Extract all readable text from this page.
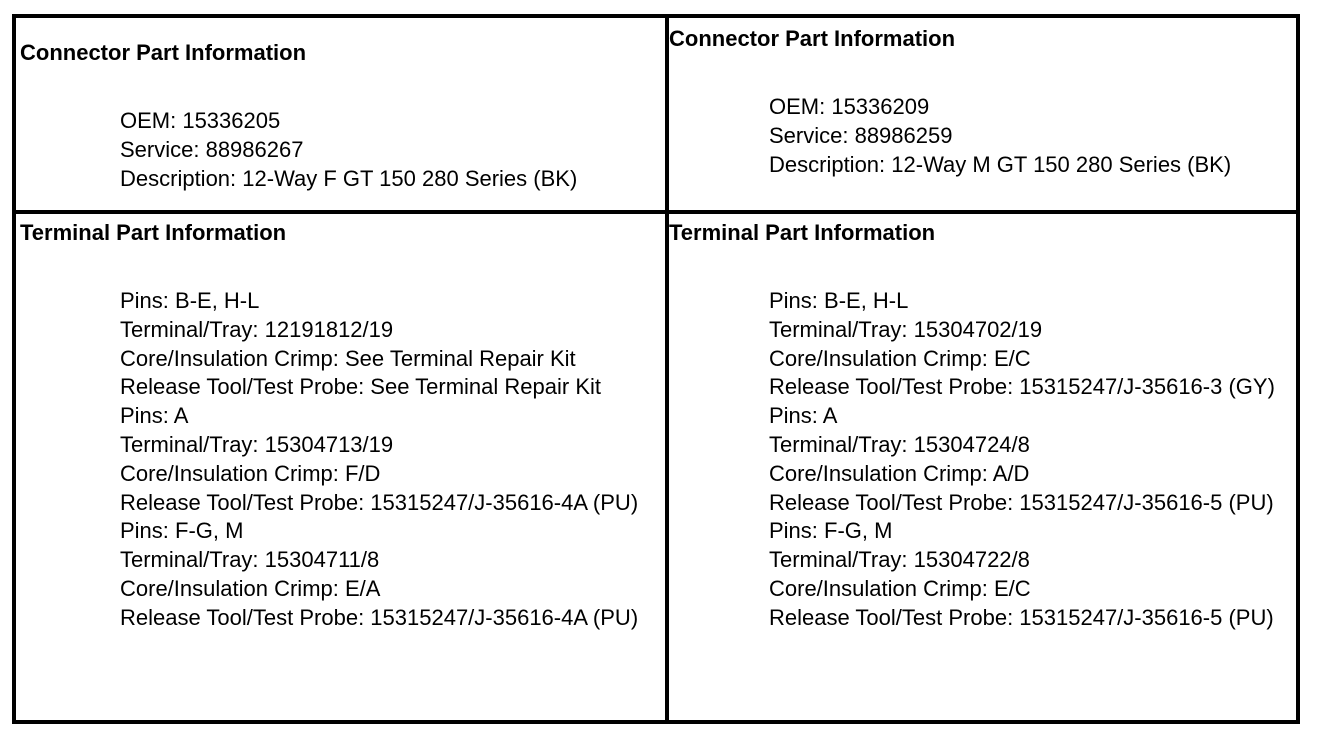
Connector Part Information
OEM: 15336205
Service: 88986267
Description: 12-Way F GT 150 280 Series (BK)
Connector Part Information
OEM: 15336209
Service: 88986259
Description: 12-Way M GT 150 280 Series (BK)
Terminal Part Information
Pins: B-E, H-L
Terminal/Tray: 12191812/19
Core/Insulation Crimp: See Terminal Repair Kit
Release Tool/Test Probe: See Terminal Repair Kit
Pins: A
Terminal/Tray: 15304713/19
Core/Insulation Crimp: F/D
Release Tool/Test Probe: 15315247/J-35616-4A (PU)
Pins: F-G, M
Terminal/Tray: 15304711/8
Core/Insulation Crimp: E/A
Release Tool/Test Probe: 15315247/J-35616-4A (PU)
Terminal Part Information
Pins: B-E, H-L
Terminal/Tray: 15304702/19
Core/Insulation Crimp: E/C
Release Tool/Test Probe: 15315247/J-35616-3 (GY)
Pins: A
Terminal/Tray: 15304724/8
Core/Insulation Crimp: A/D
Release Tool/Test Probe: 15315247/J-35616-5 (PU)
Pins: F-G, M
Terminal/Tray: 15304722/8
Core/Insulation Crimp: E/C
Release Tool/Test Probe: 15315247/J-35616-5 (PU)
